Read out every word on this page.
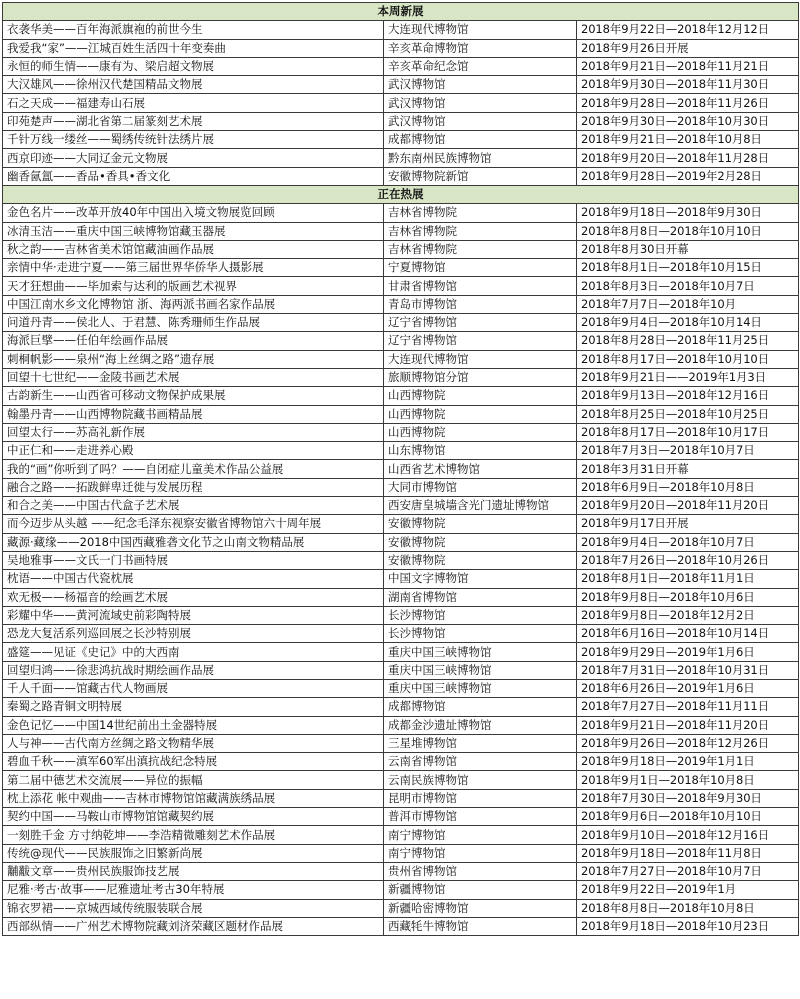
本周新展		
衣袭华美——百年海派旗袍的前世今生	大连现代博物馆	2018年9月22日—2018年12月12日
我爱我“家”——江城百姓生活四十年变奏曲	辛亥革命博物馆	2018年9月26日开展
永恒的师生情——康有为、梁启超文物展	辛亥革命纪念馆	2018年9月21日—2018年11月21日
大汉雄风——徐州汉代楚国精品文物展	武汉博物馆	2018年9月30日—2018年11月30日
石之天成——福建寿山石展	武汉博物馆	2018年9月28日—2018年11月26日
印苑楚声——湖北省第二届篆刻艺术展	武汉博物馆	2018年9月30日—2018年10月30日
千针万线一缕丝——蜀绣传统针法绣片展	成都博物馆	2018年9月21日—2018年10月8日
西京印迹——大同辽金元文物展	黔东南州民族博物馆	2018年9月20日—2018年11月28日
幽香氤氲——香品•香具•香文化	安徽博物院新馆	2018年9月28日—2019年2月28日
正在热展		
金色名片——改革开放40年中国出入境文物展览回顾	吉林省博物院	2018年9月18日—2018年9月30日
冰清玉洁——重庆中国三峡博物馆藏玉器展	吉林省博物院	2018年8月8日—2018年10月10日
秋之韵——吉林省美术馆馆藏油画作品展	吉林省博物院	2018年8月30日开幕
亲情中华·走进宁夏——第三届世界华侨华人摄影展	宁夏博物馆	2018年8月1日—2018年10月15日
天才狂想曲——毕加索与达利的版画艺术视界	甘肃省博物馆	2018年8月3日—2018年10月7日
中国江南水乡文化博物馆 浙、海两派书画名家作品展	青岛市博物馆	2018年7月7日—2018年10月
问道丹青——侯北人、于君慧、陈秀珊师生作品展	辽宁省博物馆	2018年9月4日—2018年10月14日
海派巨擘——任伯年绘画作品展	辽宁省博物馆	2018年8月28日—2018年11月25日
刺桐帆影——泉州“海上丝绸之路”遗存展	大连现代博物馆	2018年8月17日—2018年10月10日
回望十七世纪——金陵书画艺术展	旅顺博物馆分馆	2018年9月21日——2019年1月3日
古韵新生——山西省可移动文物保护成果展	山西博物院	2018年9月13日—2018年12月16日
翰墨丹青——山西博物院藏书画精品展	山西博物院	2018年8月25日—2018年10月25日
回望太行——苏高礼新作展	山西博物院	2018年8月17日—2018年10月17日
中正仁和——走进养心殿	山东博物馆	2018年7月3日—2018年10月7日
我的“画”你听到了吗？——自闭症儿童美术作品公益展	山西省艺术博物馆	2018年3月31日开幕
融合之路——拓跋鲜卑迁徙与发展历程	大同市博物馆	2018年6月9日—2018年10月8日
和合之美——中国古代盒子艺术展	西安唐皇城墙含光门遗址博物馆	2018年9月20日—2018年11月20日
而今迈步从头越 ——纪念毛泽东视察安徽省博物馆六十周年展	安徽博物院	2018年9月17日开展
藏源·藏缘——2018中国西藏雅砻文化节之山南文物精品展	安徽博物院	2018年9月4日—2018年10月7日
吴地雅事——文氏一门书画特展	安徽博物院	2018年7月26日—2018年10月26日
枕语——中国古代瓷枕展	中国文字博物馆	2018年8月1日—2018年11月1日
欢无极——杨福音的绘画艺术展	湖南省博物馆	2018年9月8日—2018年10月6日
彩耀中华——黄河流域史前彩陶特展	长沙博物馆	2018年9月8日—2018年12月2日
恐龙大复活系列巡回展之长沙特别展	长沙博物馆	2018年6月16日—2018年10月14日
盛筵——见证《史记》中的大西南	重庆中国三峡博物馆	2018年9月29日—2019年1月6日
回望归鸿——徐悲鸿抗战时期绘画作品展	重庆中国三峡博物馆	2018年7月31日—2018年10月31日
千人千面——馆藏古代人物画展	重庆中国三峡博物馆	2018年6月26日—2019年1月6日
秦蜀之路青铜文明特展	成都博物馆	2018年7月27日—2018年11月11日
金色记忆——中国14世纪前出土金器特展	成都金沙遗址博物馆	2018年9月21日—2018年11月20日
人与神——古代南方丝绸之路文物精华展	三星堆博物馆	2018年9月26日—2018年12月26日
碧血千秋——滇军60军出滇抗战纪念特展	云南省博物馆	2018年9月18日—2019年1月1日
第二届中德艺术交流展——异位的振幅	云南民族博物馆	2018年9月1日—2018年10月8日
枕上添花 帐中观曲——吉林市博物馆馆藏满族绣品展	昆明市博物馆	2018年7月30日—2018年9月30日
契约中国——马鞍山市博物馆馆藏契约展	普洱市博物馆	2018年9月6日—2018年10月10日
一刻胜千金 方寸纳乾坤——李浩精微雕刻艺术作品展	南宁博物馆	2018年9月10日—2018年12月16日
传统@现代——民族服饰之旧繁新尚展	南宁博物馆	2018年9月18日—2018年11月8日
黼黻文章——贵州民族服饰技艺展	贵州省博物馆	2018年7月27日—2018年10月7日
尼雅·考古·故事——尼雅遗址考古30年特展	新疆博物馆	2018年9月22日—2019年1月
锦衣罗裙——京城西域传统服装联合展	新疆哈密博物馆	2018年8月8日—2018年10月8日
西部纵情——广州艺术博物院藏刘济荣藏区题材作品展	西藏牦牛博物馆	2018年9月18日—2018年10月23日
